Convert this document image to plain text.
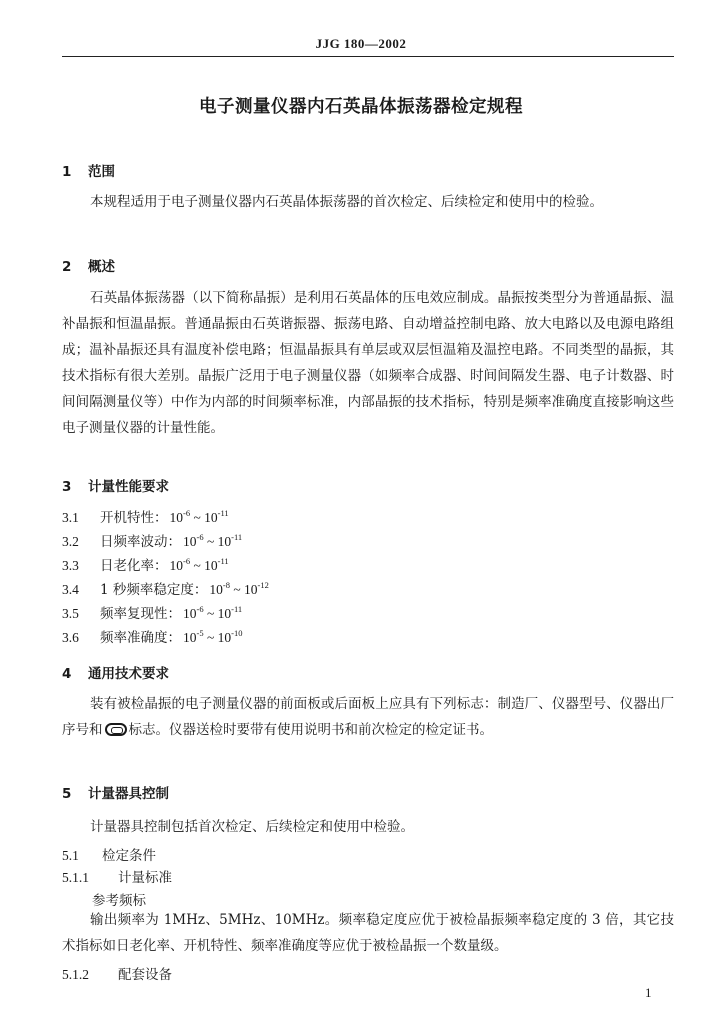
JJG 180—2002
电子测量仪器内石英晶体振荡器检定规程
1 范围

本规程适用于电子测量仪器内石英晶体振荡器的首次检定、后续检定和使用中的检验。

2 概述

石英晶体振荡器（以下简称晶振）是利用石英晶体的压电效应制成。晶振按类型分为普通晶振、温补晶振和恒温晶振。普通晶振由石英谐振器、振荡电路、自动增益控制电路、放大电路以及电源电路组成；温补晶振还具有温度补偿电路；恒温晶振具有单层或双层恒温箱及温控电路。不同类型的晶振，其技术指标有很大差别。晶振广泛用于电子测量仪器（如频率合成器、时间间隔发生器、电子计数器、时间间隔测量仪等）中作为内部的时间频率标准，内部晶振的技术指标，特别是频率准确度直接影响这些电子测量仪器的计量性能。

3 计量性能要求
3.1 开机特性： $10^{-6}$ ~ $10^{-11}$
3.2 日频率波动： $10^{-6}$ ~ $10^{-11}$
3.3 日老化率： $10^{-6}$ ~ $10^{-11}$
3.4 1 秒频率稳定度： $10^{-8}$ ~ $10^{-12}$
3.5 频率复现性： $10^{-6}$ ~ $10^{-11}$
3.6 频率准确度： $10^{-5}$ ~ $10^{-10}$
4 通用技术要求

装有被检晶振的电子测量仪器的前面板或后面板上应具有下列标志：制造厂、仪器型号、仪器出厂序号和 标志。仪器送检时要带有使用说明书和前次检定的检定证书。

5 计量器具控制

计量器具控制包括首次检定、后续检定和使用中检验。

5.1 检定条件
5.1.1 计量标准
参考频标

输出频率为 1MHz、5MHz、10MHz。频率稳定度应优于被检晶振频率稳定度的 3 倍，其它技术指标如日老化率、开机特性、频率准确度等应优于被检晶振一个数量级。

5.1.2 配套设备
1
